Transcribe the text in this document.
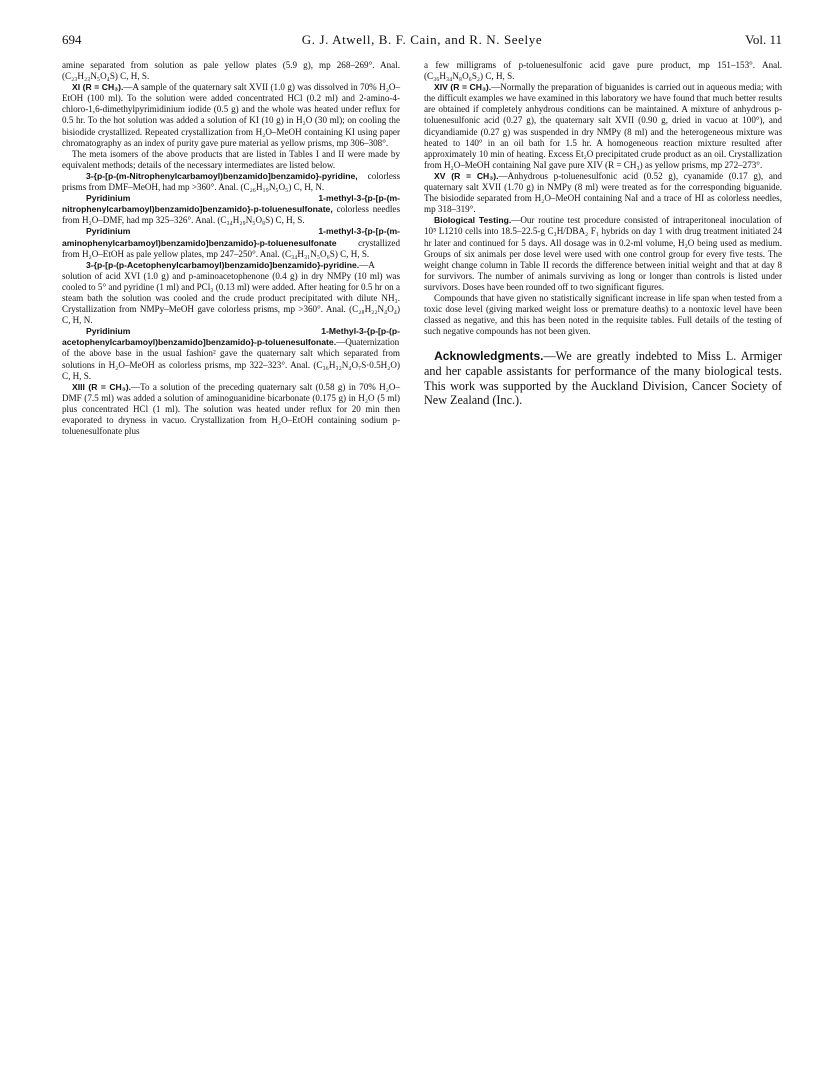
694	G. J. Atwell, B. F. Cain, and R. N. Seelye	Vol. 11

amine separated from solution as pale yellow plates (5.9 g), mp 268–269°. Anal. (C₂₃H₂₃N₅O₄S) C, H, S.

XI (R = CH₃).—A sample of the quaternary salt XVII (1.0 g) was dissolved in 70% H₂O–EtOH (100 ml). To the solution were added concentrated HCl (0.2 ml) and 2-amino-4-chloro-1,6-dimethylpyrimidinium iodide (0.5 g) and the whole was heated under reflux for 0.5 hr. To the hot solution was added a solution of KI (10 g) in H₂O (30 ml); on cooling the bisiodide crystallized. Repeated crystallization from H₂O–MeOH containing KI using paper chromatography as an index of purity gave pure material as yellow prisms, mp 306–308°.

The meta isomers of the above products that are listed in Tables I and II were made by equivalent methods; details of the necessary intermediates are listed below.

3-{p-[p-(m-Nitrophenylcarbamoyl)benzamido]benzamido}-pyridine, colorless prisms from DMF–MeOH, had mp >360°. Anal. (C₂₆H₁₉N₅O₅) C, H, N.

Pyridinium 1-methyl-3-{p-[p-(m-nitrophenylcarbamoyl)benzamido]benzamido}-p-toluenesulfonate, colorless needles from H₂O–DMF, had mp 325–326°. Anal. (C₃₄H₂₉N₅O₈S) C, H, S.

Pyridinium 1-methyl-3-{p-[p-(m-aminophenylcarbamoyl)benzamido]benzamido}-p-toluenesulfonate crystallized from H₂O–EtOH as pale yellow plates, mp 247–250°. Anal. (C₃₄H₃₁N₅O₆S) C, H, S.

3-{p-[p-(p-Acetophenylcarbamoyl)benzamido]benzamido}-pyridine.—A solution of acid XVI (1.0 g) and p-aminoacetophenone (0.4 g) in dry NMPy (10 ml) was cooled to 5° and pyridine (1 ml) and PCl₃ (0.13 ml) were added. After heating for 0.5 hr on a steam bath the solution was cooled and the crude product precipitated with dilute NH₃. Crystallization from NMPy–MeOH gave colorless prisms, mp >360°. Anal. (C₂₈H₂₂N₄O₄) C, H, N.

Pyridinium 1-Methyl-3-{p-[p-(p-acetophenylcarbamoyl)benzamido]benzamido}-p-toluenesulfonate.—Quaternization of the above base in the usual fashion² gave the quaternary salt which separated from solutions in H₂O–MeOH as colorless prisms, mp 322–323°. Anal. (C₃₆H₃₂N₄O₇S·0.5H₂O) C, H, S.

XIII (R = CH₃).—To a solution of the preceding quaternary salt (0.58 g) in 70% H₂O–DMF (7.5 ml) was added a solution of aminoguanidine bicarbonate (0.175 g) in H₂O (5 ml) plus concentrated HCl (1 ml). The solution was heated under reflux for 20 min then evaporated to dryness in vacuo. Crystallization from H₂O–EtOH containing sodium p-toluenesulfonate plus

a few milligrams of p-toluenesulfonic acid gave pure product, mp 151–153°. Anal. (C₃₆H₃₄N₈O₆S₂) C, H, S.

XIV (R = CH₃).—Normally the preparation of biguanides is carried out in aqueous media; with the difficult examples we have examined in this laboratory we have found that much better results are obtained if completely anhydrous conditions can be maintained. A mixture of anhydrous p-toluenesulfonic acid (0.27 g), the quaternary salt XVII (0.90 g, dried in vacuo at 100°), and dicyandiamide (0.27 g) was suspended in dry NMPy (8 ml) and the heterogeneous mixture was heated to 140° in an oil bath for 1.5 hr. A homogeneous reaction mixture resulted after approximately 10 min of heating. Excess Et₂O precipitated crude product as an oil. Crystallization from H₂O–MeOH containing NaI gave pure XIV (R = CH₃) as yellow prisms, mp 272–273°.

XV (R = CH₃).—Anhydrous p-toluenesulfonic acid (0.52 g), cyanamide (0.17 g), and quaternary salt XVII (1.70 g) in NMPy (8 ml) were treated as for the corresponding biguanide. The bisiodide separated from H₂O–MeOH containing NaI and a trace of HI as colorless needles, mp 318–319°.

Biological Testing.—Our routine test procedure consisted of intraperitoneal inoculation of 10⁵ L1210 cells into 18.5–22.5-g C₃H/DBA₂ F₁ hybrids on day 1 with drug treatment initiated 24 hr later and continued for 5 days. All dosage was in 0.2-ml volume, H₂O being used as medium. Groups of six animals per dose level were used with one control group for every five tests. The weight change column in Table II records the difference between initial weight and that at day 8 for survivors. The number of animals surviving as long or longer than controls is listed under survivors. Doses have been rounded off to two significant figures.

Compounds that have given no statistically significant increase in life span when tested from a toxic dose level (giving marked weight loss or premature deaths) to a nontoxic level have been classed as negative, and this has been noted in the requisite tables. Full details of the testing of such negative compounds has not been given.

Acknowledgments.—We are greatly indebted to Miss L. Armiger and her capable assistants for performance of the many biological tests. This work was supported by the Auckland Division, Cancer Society of New Zealand (Inc.).
